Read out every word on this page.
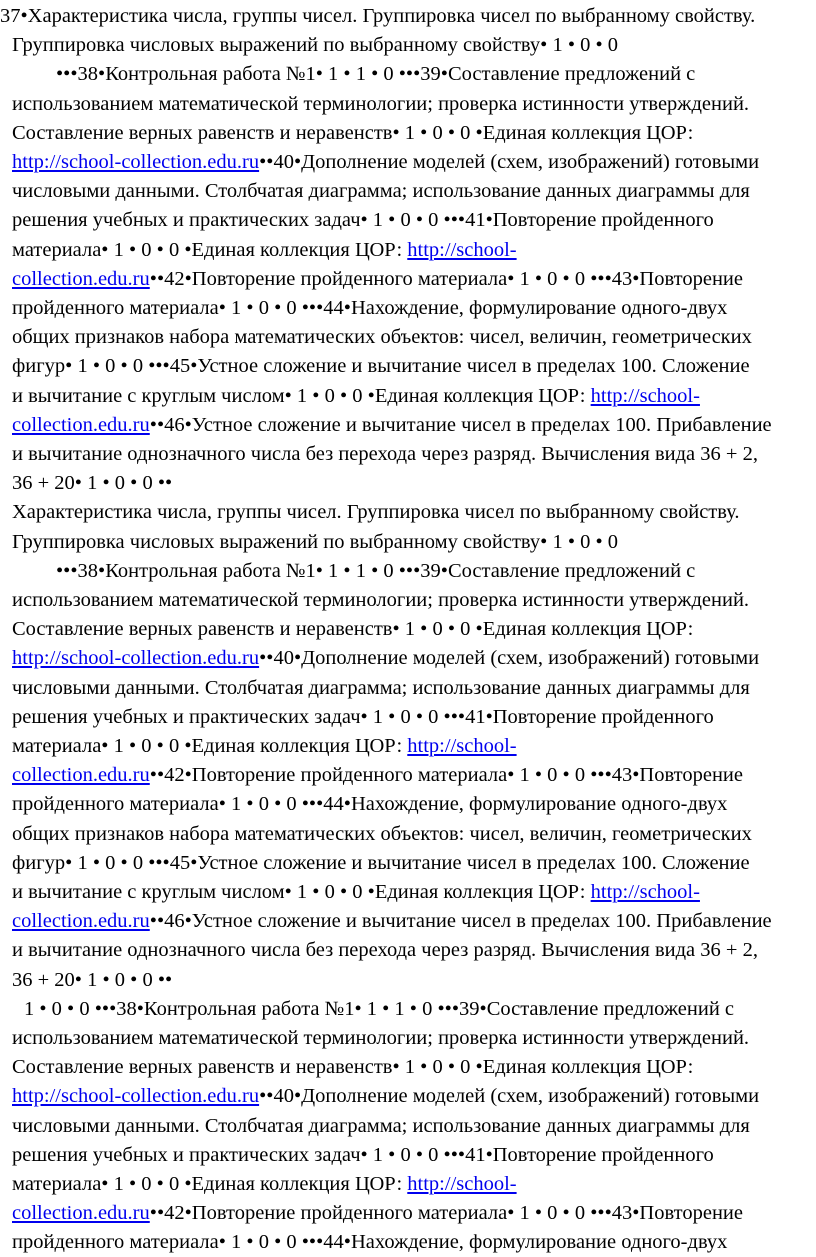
37•Характеристика числа, группы чисел. Группировка чисел по выбранному свойству.
Группировка числовых выражений по выбранному свойству• 1 • 0 • 0
•••38•Контрольная работа №1• 1 • 1 • 0 •••39•Составление предложений с
использованием математической терминологии; проверка истинности утверждений.
Составление верных равенств и неравенств• 1 • 0 • 0 •Единая коллекция ЦОР:
http://school-collection.edu.ru••40•Дополнение моделей (схем, изображений) готовыми
числовыми данными. Столбчатая диаграмма; использование данных диаграммы для
решения учебных и практических задач• 1 • 0 • 0 •••41•Повторение пройденного
материала• 1 • 0 • 0 •Единая коллекция ЦОР: http://school-
collection.edu.ru••42•Повторение пройденного материала• 1 • 0 • 0 •••43•Повторение
пройденного материала• 1 • 0 • 0 •••44•Нахождение, формулирование одного-двух
общих признаков набора математических объектов: чисел, величин, геометрических
фигур• 1 • 0 • 0 •••45•Устное сложение и вычитание чисел в пределах 100. Сложение
и вычитание с круглым числом• 1 • 0 • 0 •Единая коллекция ЦОР: http://school-
collection.edu.ru••46•Устное сложение и вычитание чисел в пределах 100. Прибавление
и вычитание однозначного числа без перехода через разряд. Вычисления вида 36 + 2,
36 + 20• 1 • 0 • 0 ••
Характеристика числа, группы чисел. Группировка чисел по выбранному свойству.
Группировка числовых выражений по выбранному свойству• 1 • 0 • 0
•••38•Контрольная работа №1• 1 • 1 • 0 •••39•Составление предложений с
использованием математической терминологии; проверка истинности утверждений.
Составление верных равенств и неравенств• 1 • 0 • 0 •Единая коллекция ЦОР:
http://school-collection.edu.ru••40•Дополнение моделей (схем, изображений) готовыми
числовыми данными. Столбчатая диаграмма; использование данных диаграммы для
решения учебных и практических задач• 1 • 0 • 0 •••41•Повторение пройденного
материала• 1 • 0 • 0 •Единая коллекция ЦОР: http://school-
collection.edu.ru••42•Повторение пройденного материала• 1 • 0 • 0 •••43•Повторение
пройденного материала• 1 • 0 • 0 •••44•Нахождение, формулирование одного-двух
общих признаков набора математических объектов: чисел, величин, геометрических
фигур• 1 • 0 • 0 •••45•Устное сложение и вычитание чисел в пределах 100. Сложение
и вычитание с круглым числом• 1 • 0 • 0 •Единая коллекция ЦОР: http://school-
collection.edu.ru••46•Устное сложение и вычитание чисел в пределах 100. Прибавление
и вычитание однозначного числа без перехода через разряд. Вычисления вида 36 + 2,
36 + 20• 1 • 0 • 0 ••
1 • 0 • 0 •••38•Контрольная работа №1• 1 • 1 • 0 •••39•Составление предложений с
использованием математической терминологии; проверка истинности утверждений.
Составление верных равенств и неравенств• 1 • 0 • 0 •Единая коллекция ЦОР:
http://school-collection.edu.ru••40•Дополнение моделей (схем, изображений) готовыми
числовыми данными. Столбчатая диаграмма; использование данных диаграммы для
решения учебных и практических задач• 1 • 0 • 0 •••41•Повторение пройденного
материала• 1 • 0 • 0 •Единая коллекция ЦОР: http://school-
collection.edu.ru••42•Повторение пройденного материала• 1 • 0 • 0 •••43•Повторение
пройденного материала• 1 • 0 • 0 •••44•Нахождение, формулирование одного-двух
